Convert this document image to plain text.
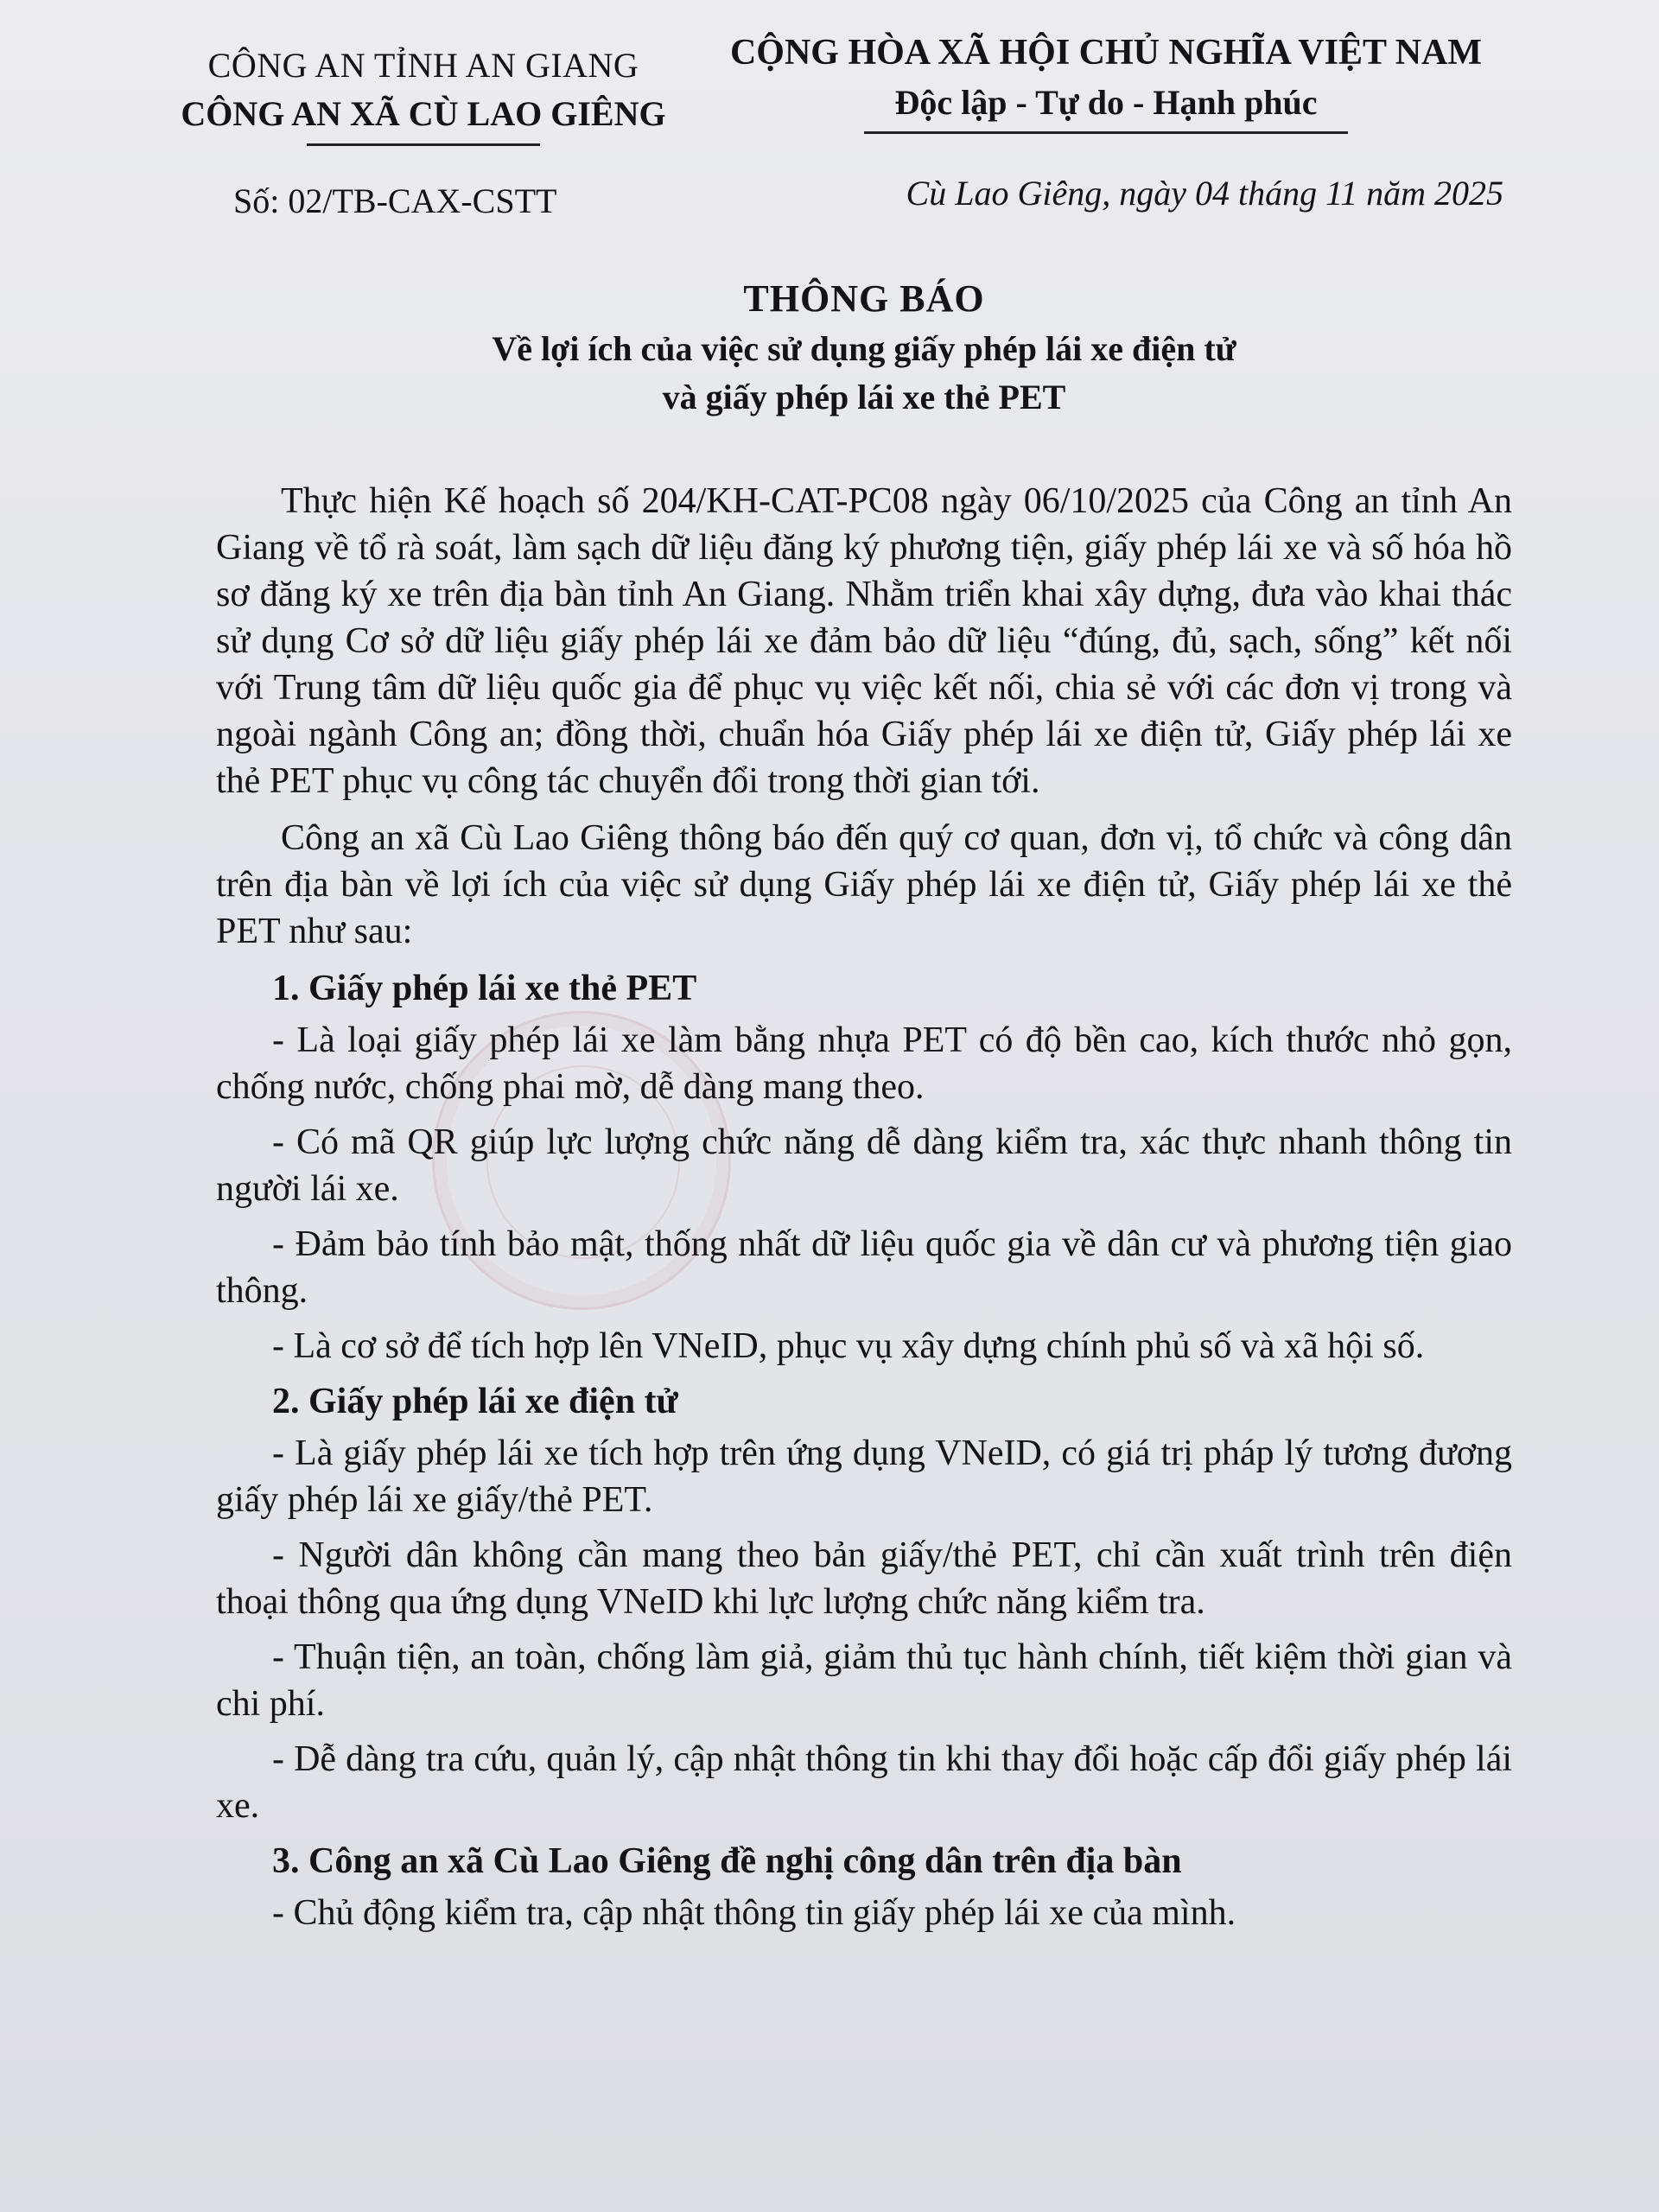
CÔNG AN TỈNH AN GIANG
CÔNG AN XÃ CÙ LAO GIÊNG
Số: 02/TB-CAX-CSTT
CỘNG HÒA XÃ HỘI CHỦ NGHĨA VIỆT NAM
Độc lập - Tự do - Hạnh phúc
Cù Lao Giêng, ngày 04 tháng 11 năm 2025
THÔNG BÁO
Về lợi ích của việc sử dụng giấy phép lái xe điện tử
và giấy phép lái xe thẻ PET

Thực hiện Kế hoạch số 204/KH-CAT-PC08 ngày 06/10/2025 của Công an tỉnh An Giang về tổ rà soát, làm sạch dữ liệu đăng ký phương tiện, giấy phép lái xe và số hóa hồ sơ đăng ký xe trên địa bàn tỉnh An Giang. Nhằm triển khai xây dựng, đưa vào khai thác sử dụng Cơ sở dữ liệu giấy phép lái xe đảm bảo dữ liệu “đúng, đủ, sạch, sống” kết nối với Trung tâm dữ liệu quốc gia để phục vụ việc kết nối, chia sẻ với các đơn vị trong và ngoài ngành Công an; đồng thời, chuẩn hóa Giấy phép lái xe điện tử, Giấy phép lái xe thẻ PET phục vụ công tác chuyển đổi trong thời gian tới.

Công an xã Cù Lao Giêng thông báo đến quý cơ quan, đơn vị, tổ chức và công dân trên địa bàn về lợi ích của việc sử dụng Giấy phép lái xe điện tử, Giấy phép lái xe thẻ PET như sau:

1. Giấy phép lái xe thẻ PET

- Là loại giấy phép lái xe làm bằng nhựa PET có độ bền cao, kích thước nhỏ gọn, chống nước, chống phai mờ, dễ dàng mang theo.

- Có mã QR giúp lực lượng chức năng dễ dàng kiểm tra, xác thực nhanh thông tin người lái xe.

- Đảm bảo tính bảo mật, thống nhất dữ liệu quốc gia về dân cư và phương tiện giao thông.

- Là cơ sở để tích hợp lên VNeID, phục vụ xây dựng chính phủ số và xã hội số.

2. Giấy phép lái xe điện tử

- Là giấy phép lái xe tích hợp trên ứng dụng VNeID, có giá trị pháp lý tương đương giấy phép lái xe giấy/thẻ PET.

- Người dân không cần mang theo bản giấy/thẻ PET, chỉ cần xuất trình trên điện thoại thông qua ứng dụng VNeID khi lực lượng chức năng kiểm tra.

- Thuận tiện, an toàn, chống làm giả, giảm thủ tục hành chính, tiết kiệm thời gian và chi phí.

- Dễ dàng tra cứu, quản lý, cập nhật thông tin khi thay đổi hoặc cấp đổi giấy phép lái xe.

3. Công an xã Cù Lao Giêng đề nghị công dân trên địa bàn

- Chủ động kiểm tra, cập nhật thông tin giấy phép lái xe của mình.
